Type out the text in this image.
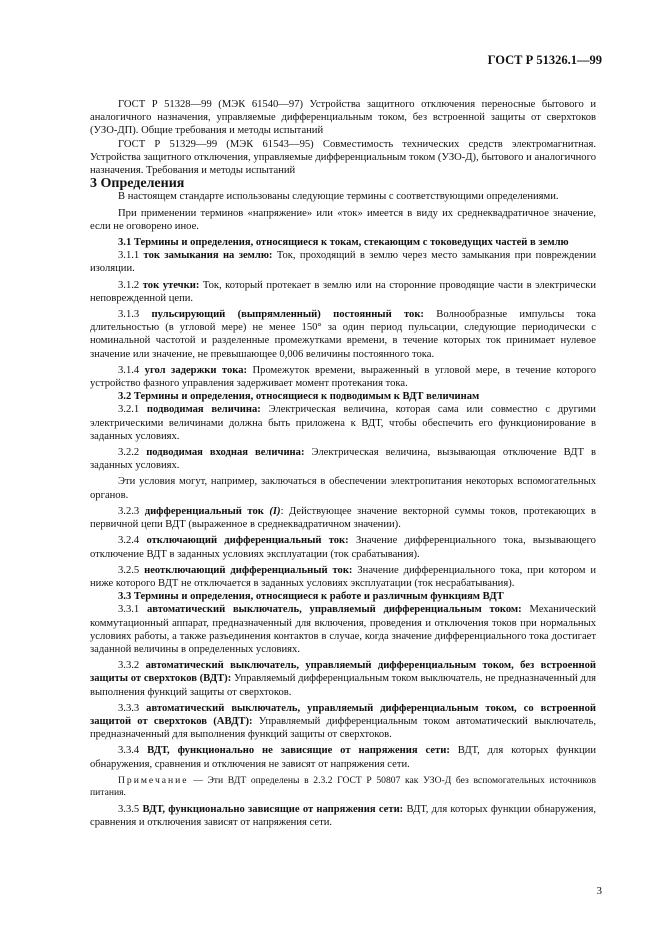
ГОСТ Р 51326.1—99

ГОСТ Р 51328—99 (МЭК 61540—97) Устройства защитного отключения переносные бытового и аналогичного назначения, управляемые дифференциальным током, без встроенной защиты от сверхтоков (УЗО-ДП). Общие требования и методы испытаний

ГОСТ Р 51329—99 (МЭК 61543—95) Совместимость технических средств электромагнитная. Устройства защитного отключения, управляемые дифференциальным током (УЗО-Д), бытового и аналогичного назначения. Требования и методы испытаний

3 Определения

В настоящем стандарте использованы следующие термины с соответствующими определениями.

При применении терминов «напряжение» или «ток» имеется в виду их среднеквадратичное значение, если не оговорено иное.

3.1 Термины и определения, относящиеся к токам, стекающим с токоведущих частей в землю

3.1.1 ток замыкания на землю: Ток, проходящий в землю через место замыкания при повреждении изоляции.

3.1.2 ток утечки: Ток, который протекает в землю или на сторонние проводящие части в электрически неповрежденной цепи.

3.1.3 пульсирующий (выпрямленный) постоянный ток: Волнообразные импульсы тока длительностью (в угловой мере) не менее 150° за один период пульсации, следующие периодически с номинальной частотой и разделенные промежутками времени, в течение которых ток принимает нулевое значение или значение, не превышающее 0,006 величины постоянного тока.

3.1.4 угол задержки тока: Промежуток времени, выраженный в угловой мере, в течение которого устройство фазного управления задерживает момент протекания тока.

3.2 Термины и определения, относящиеся к подводимым к ВДТ величинам

3.2.1 подводимая величина: Электрическая величина, которая сама или совместно с другими электрическими величинами должна быть приложена к ВДТ, чтобы обеспечить его функционирование в заданных условиях.

3.2.2 подводимая входная величина: Электрическая величина, вызывающая отключение ВДТ в заданных условиях.

Эти условия могут, например, заключаться в обеспечении электропитания некоторых вспомогательных органов.

3.2.3 дифференциальный ток (I): Действующее значение векторной суммы токов, протекающих в первичной цепи ВДТ (выраженное в среднеквадратичном значении).

3.2.4 отключающий дифференциальный ток: Значение дифференциального тока, вызывающего отключение ВДТ в заданных условиях эксплуатации (ток срабатывания).

3.2.5 неотключающий дифференциальный ток: Значение дифференциального тока, при котором и ниже которого ВДТ не отключается в заданных условиях эксплуатации (ток несрабатывания).

3.3 Термины и определения, относящиеся к работе и различным функциям ВДТ

3.3.1 автоматический выключатель, управляемый дифференциальным током: Механический коммутационный аппарат, предназначенный для включения, проведения и отключения токов при нормальных условиях работы, а также разъединения контактов в случае, когда значение дифференциального тока достигает заданной величины в определенных условиях.

3.3.2 автоматический выключатель, управляемый дифференциальным током, без встроенной защиты от сверхтоков (ВДТ): Управляемый дифференциальным током выключатель, не предназначенный для выполнения функций защиты от сверхтоков.

3.3.3 автоматический выключатель, управляемый дифференциальным током, со встроенной защитой от сверхтоков (АВДТ): Управляемый дифференциальным током автоматический выключатель, предназначенный для выполнения функций защиты от сверхтоков.

3.3.4 ВДТ, функционально не зависящие от напряжения сети: ВДТ, для которых функции обнаружения, сравнения и отключения не зависят от напряжения сети.

Примечание — Эти ВДТ определены в 2.3.2 ГОСТ Р 50807 как УЗО-Д без вспомогательных источников питания.

3.3.5 ВДТ, функционально зависящие от напряжения сети: ВДТ, для которых функции обнаружения, сравнения и отключения зависят от напряжения сети.

3
